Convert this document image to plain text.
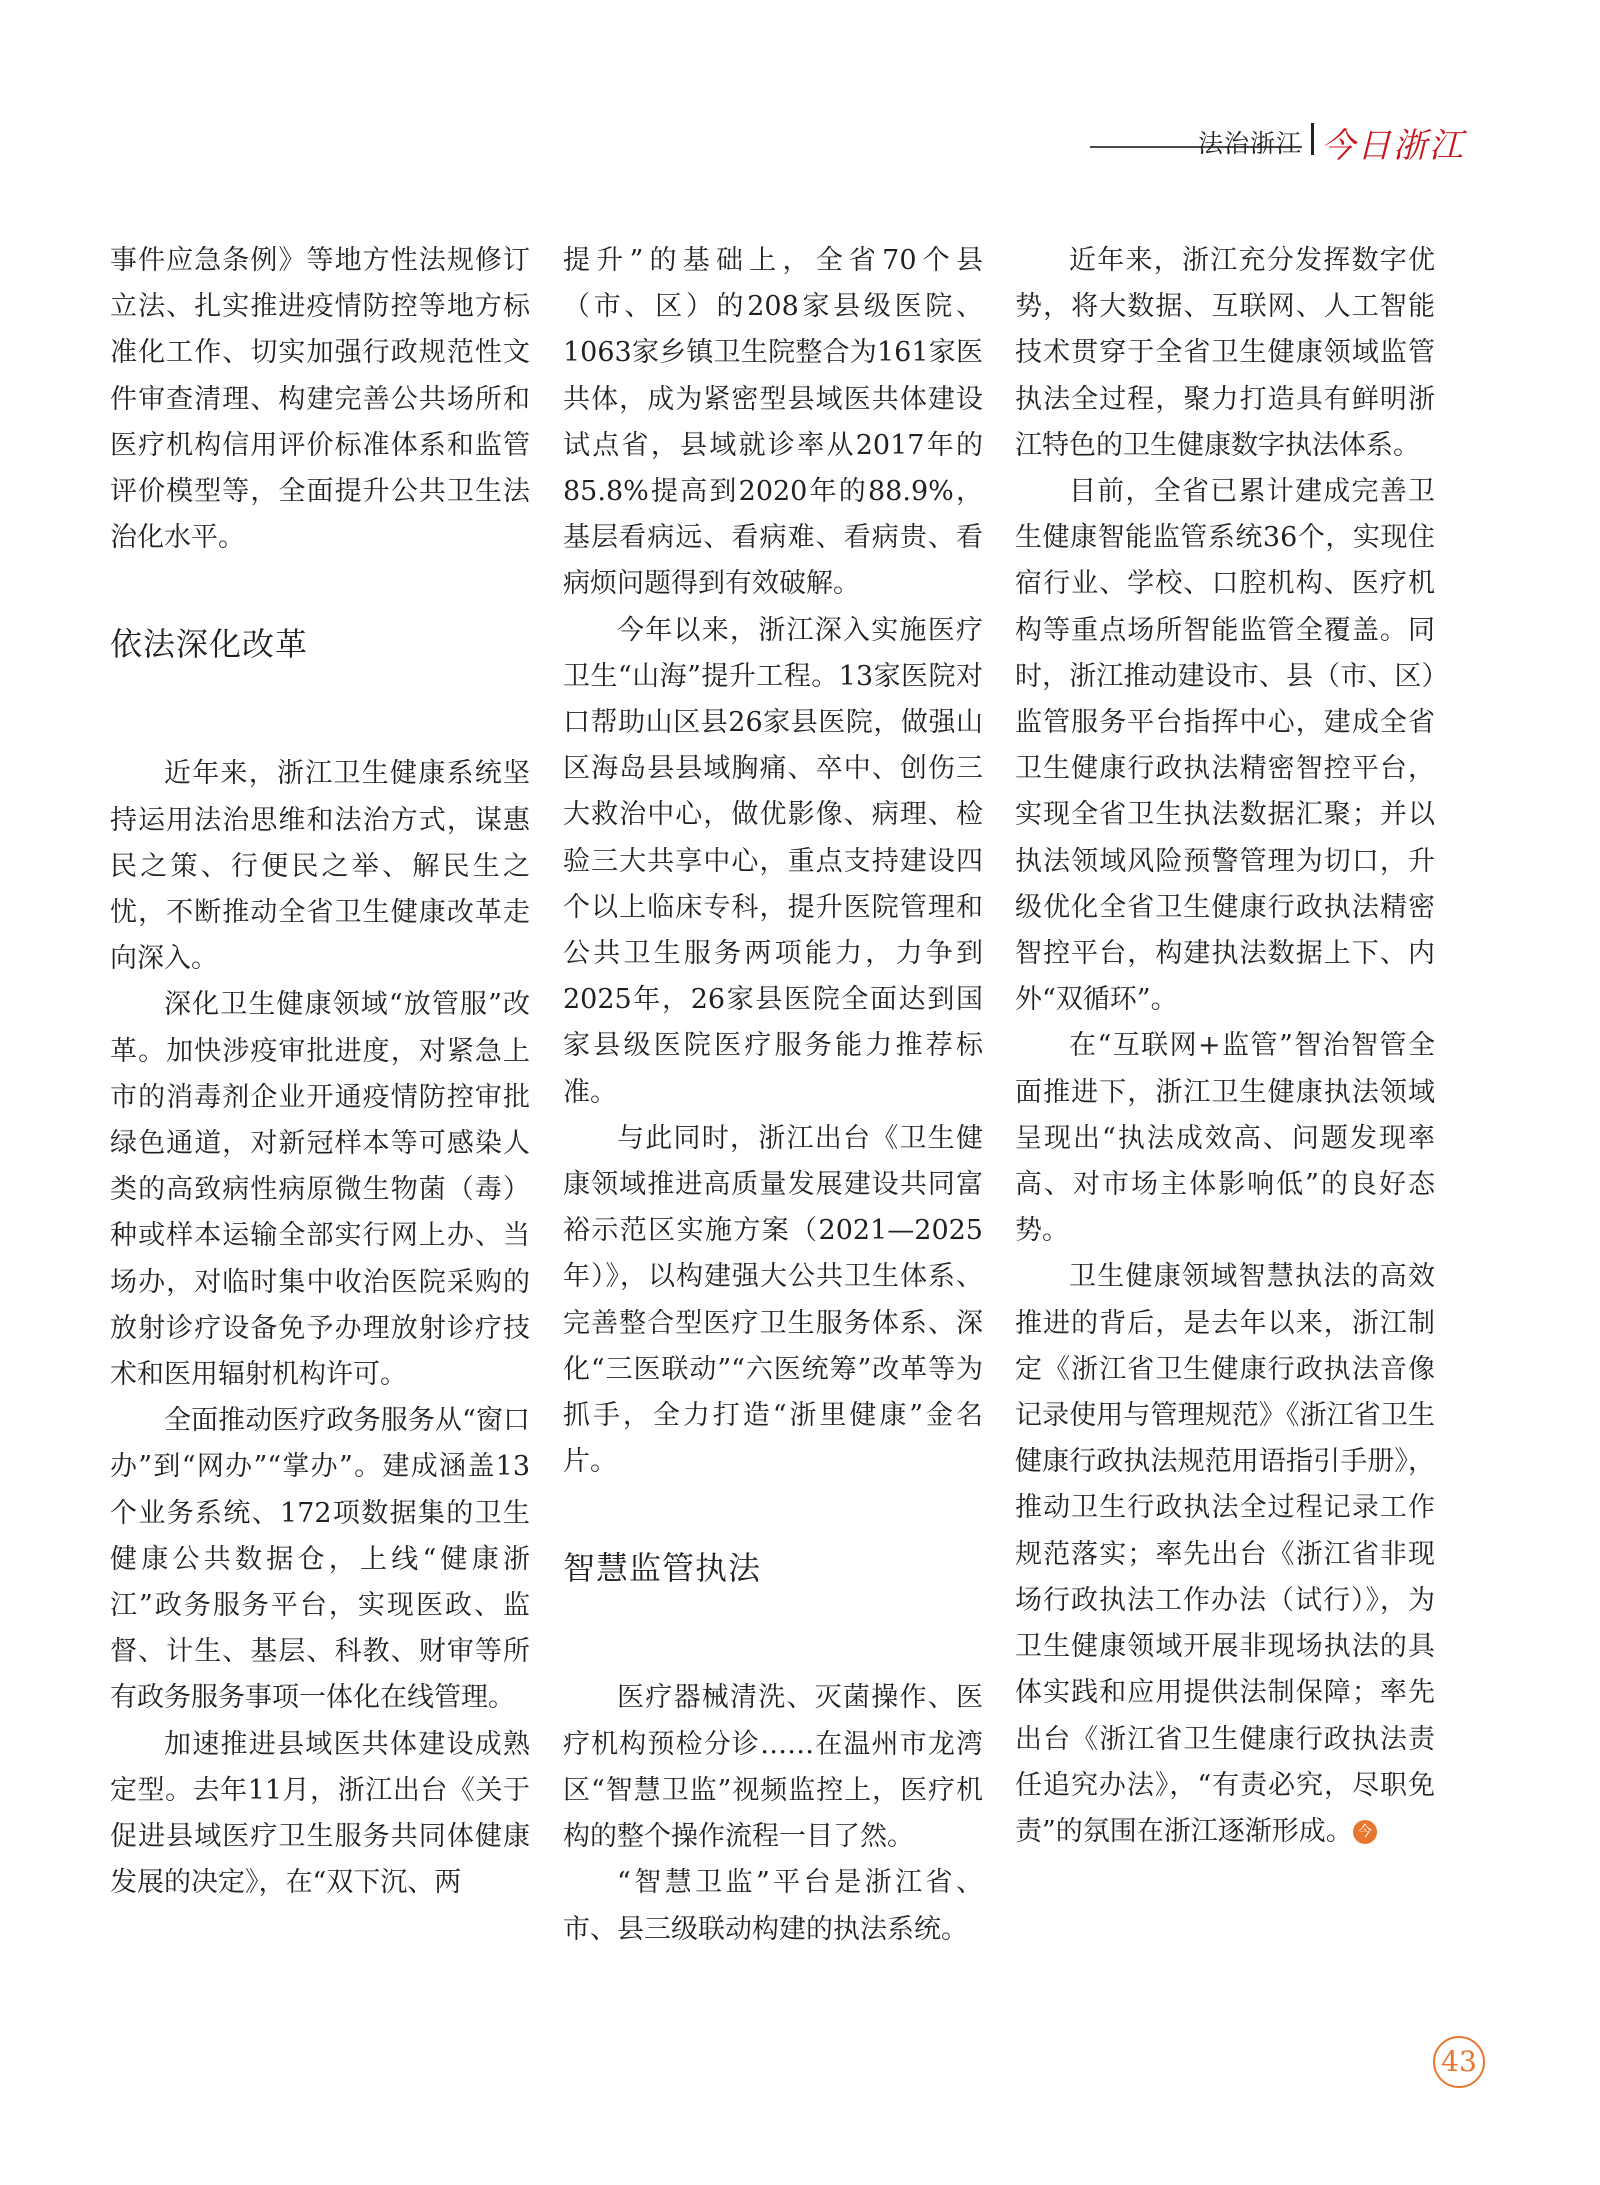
法治浙江 今日浙江

事件应急条例》等地方性法规修订立法、扎实推进疫情防控等地方标准化工作、切实加强行政规范性文件审查清理、构建完善公共场所和医疗机构信用评价标准体系和监管评价模型等，全面提升公共卫生法治化水平。

依法深化改革

近年来，浙江卫生健康系统坚持运用法治思维和法治方式，谋惠民之策、行便民之举、解民生之忧，不断推动全省卫生健康改革走向深入。

深化卫生健康领域“放管服”改革。加快涉疫审批进度，对紧急上市的消毒剂企业开通疫情防控审批绿色通道，对新冠样本等可感染人类的高致病性病原微生物菌（毒）种或样本运输全部实行网上办、当场办，对临时集中收治医院采购的放射诊疗设备免予办理放射诊疗技术和医用辐射机构许可。

全面推动医疗政务服务从“窗口办”到“网办”“掌办”。建成涵盖13个业务系统、172项数据集的卫生健康公共数据仓，上线“健康浙江”政务服务平台，实现医政、监督、计生、基层、科教、财审等所有政务服务事项一体化在线管理。

加速推进县域医共体建设成熟定型。去年11月，浙江出台《关于促进县域医疗卫生服务共同体健康发展的决定》，在“双下沉、两

提升”的基础上，全省70个县（市、区）的208家县级医院、1063家乡镇卫生院整合为161家医共体，成为紧密型县域医共体建设试点省，县域就诊率从2017年的85.8%提高到2020年的88.9%，基层看病远、看病难、看病贵、看病烦问题得到有效破解。

今年以来，浙江深入实施医疗卫生“山海”提升工程。13家医院对口帮助山区县26家县医院，做强山区海岛县县域胸痛、卒中、创伤三大救治中心，做优影像、病理、检验三大共享中心，重点支持建设四个以上临床专科，提升医院管理和公共卫生服务两项能力，力争到2025年，26家县医院全面达到国家县级医院医疗服务能力推荐标准。

与此同时，浙江出台《卫生健康领域推进高质量发展建设共同富裕示范区实施方案（2021—2025年）》，以构建强大公共卫生体系、完善整合型医疗卫生服务体系、深化“三医联动”“六医统筹”改革等为抓手，全力打造“浙里健康”金名片。

智慧监管执法

医疗器械清洗、灭菌操作、医疗机构预检分诊……在温州市龙湾区“智慧卫监”视频监控上，医疗机构的整个操作流程一目了然。

“智慧卫监”平台是浙江省、市、县三级联动构建的执法系统。

近年来，浙江充分发挥数字优势，将大数据、互联网、人工智能技术贯穿于全省卫生健康领域监管执法全过程，聚力打造具有鲜明浙江特色的卫生健康数字执法体系。

目前，全省已累计建成完善卫生健康智能监管系统36个，实现住宿行业、学校、口腔机构、医疗机构等重点场所智能监管全覆盖。同时，浙江推动建设市、县（市、区）监管服务平台指挥中心，建成全省卫生健康行政执法精密智控平台，实现全省卫生执法数据汇聚；并以执法领域风险预警管理为切口，升级优化全省卫生健康行政执法精密智控平台，构建执法数据上下、内外“双循环”。

在“互联网+监管”智治智管全面推进下，浙江卫生健康执法领域呈现出“执法成效高、问题发现率高、对市场主体影响低”的良好态势。

卫生健康领域智慧执法的高效推进的背后，是去年以来，浙江制定《浙江省卫生健康行政执法音像记录使用与管理规范》《浙江省卫生健康行政执法规范用语指引手册》，推动卫生行政执法全过程记录工作规范落实；率先出台《浙江省非现场行政执法工作办法（试行）》，为卫生健康领域开展非现场执法的具体实践和应用提供法制保障；率先出台《浙江省卫生健康行政执法责任追究办法》，“有责必究，尽职免责”的氛围在浙江逐渐形成。 今

43
